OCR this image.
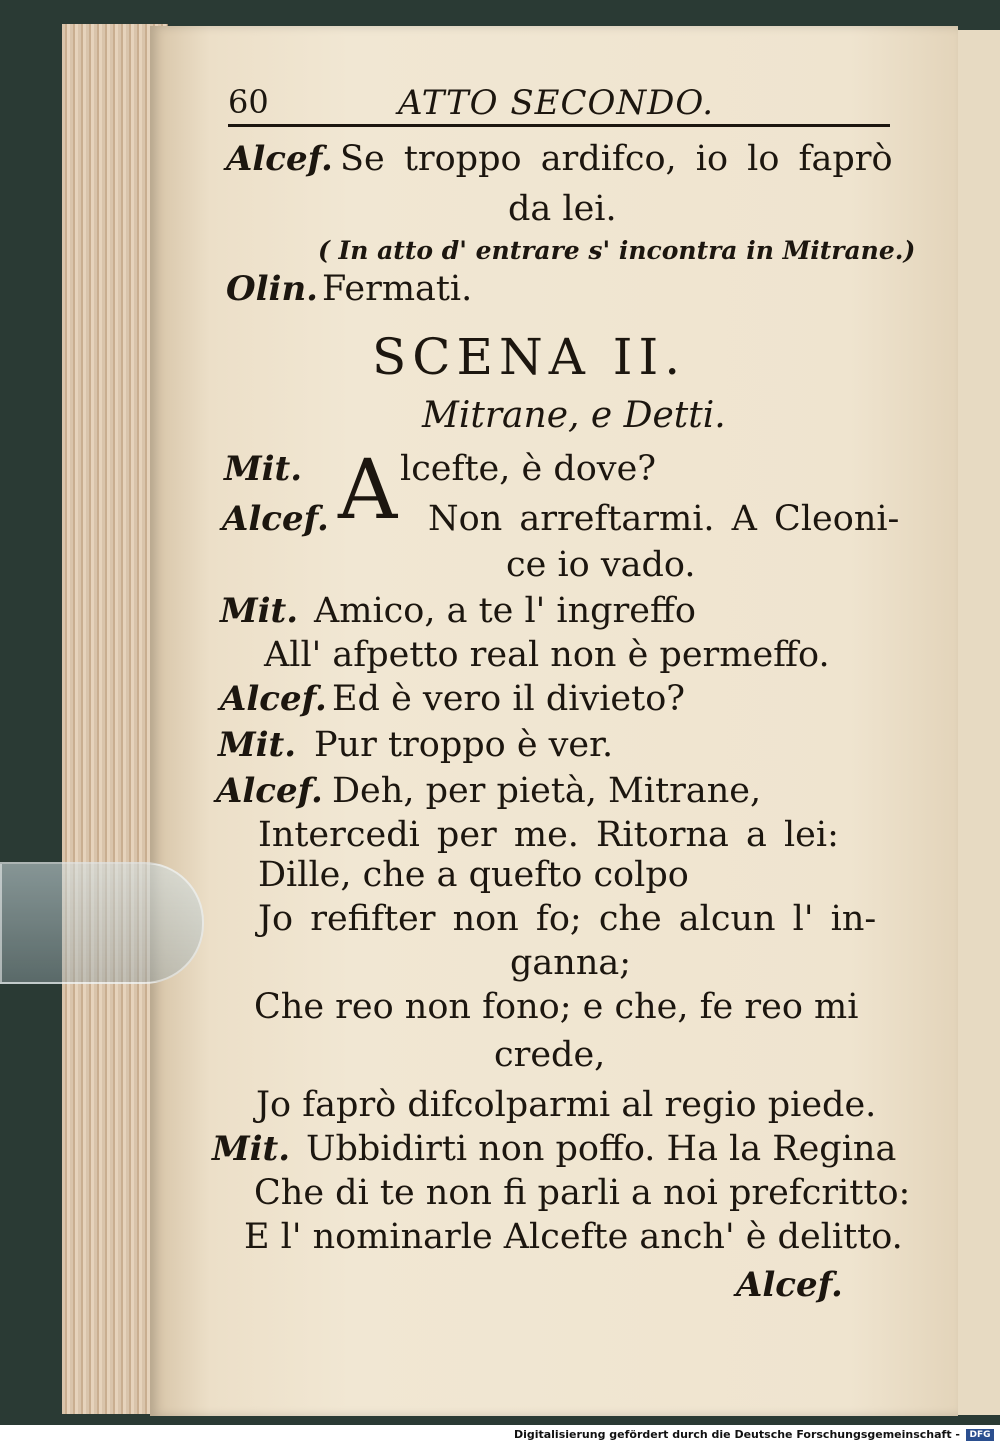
60	ATTO SECONDO.
Alcef. Se troppo ardifco, io lo faprò
da lei.
( In atto d' entrare s' incontra in Mitrane.)
Olin. Fermati.
SCENA II.
Mitrane, e Detti.
Mit. A lcefte, è dove?
Alcef.	Non arreftarmi. A Cleoni-
ce io vado.
Mit. Amico, a te l' ingreffo
All' afpetto real non è permeffo.
Alcef. Ed è vero il divieto?
Mit. Pur troppo è ver.
Alcef. Deh, per pietà, Mitrane,
Intercedi per me. Ritorna a lei:
Dille, che a quefto colpo
Jo refifter non fo; che alcun l' in-
ganna;
Che reo non fono; e che, fe reo mi
crede,
Jo faprò difcolparmi al regio piede.
Mit. Ubbidirti non poffo. Ha la Regina
Che di te non fi parli a noi prefcritto:
E l' nominarle Alcefte anch' è delitto.
Alcef.
Digitalisierung gefördert durch die Deutsche Forschungsgemeinschaft -	DFG
